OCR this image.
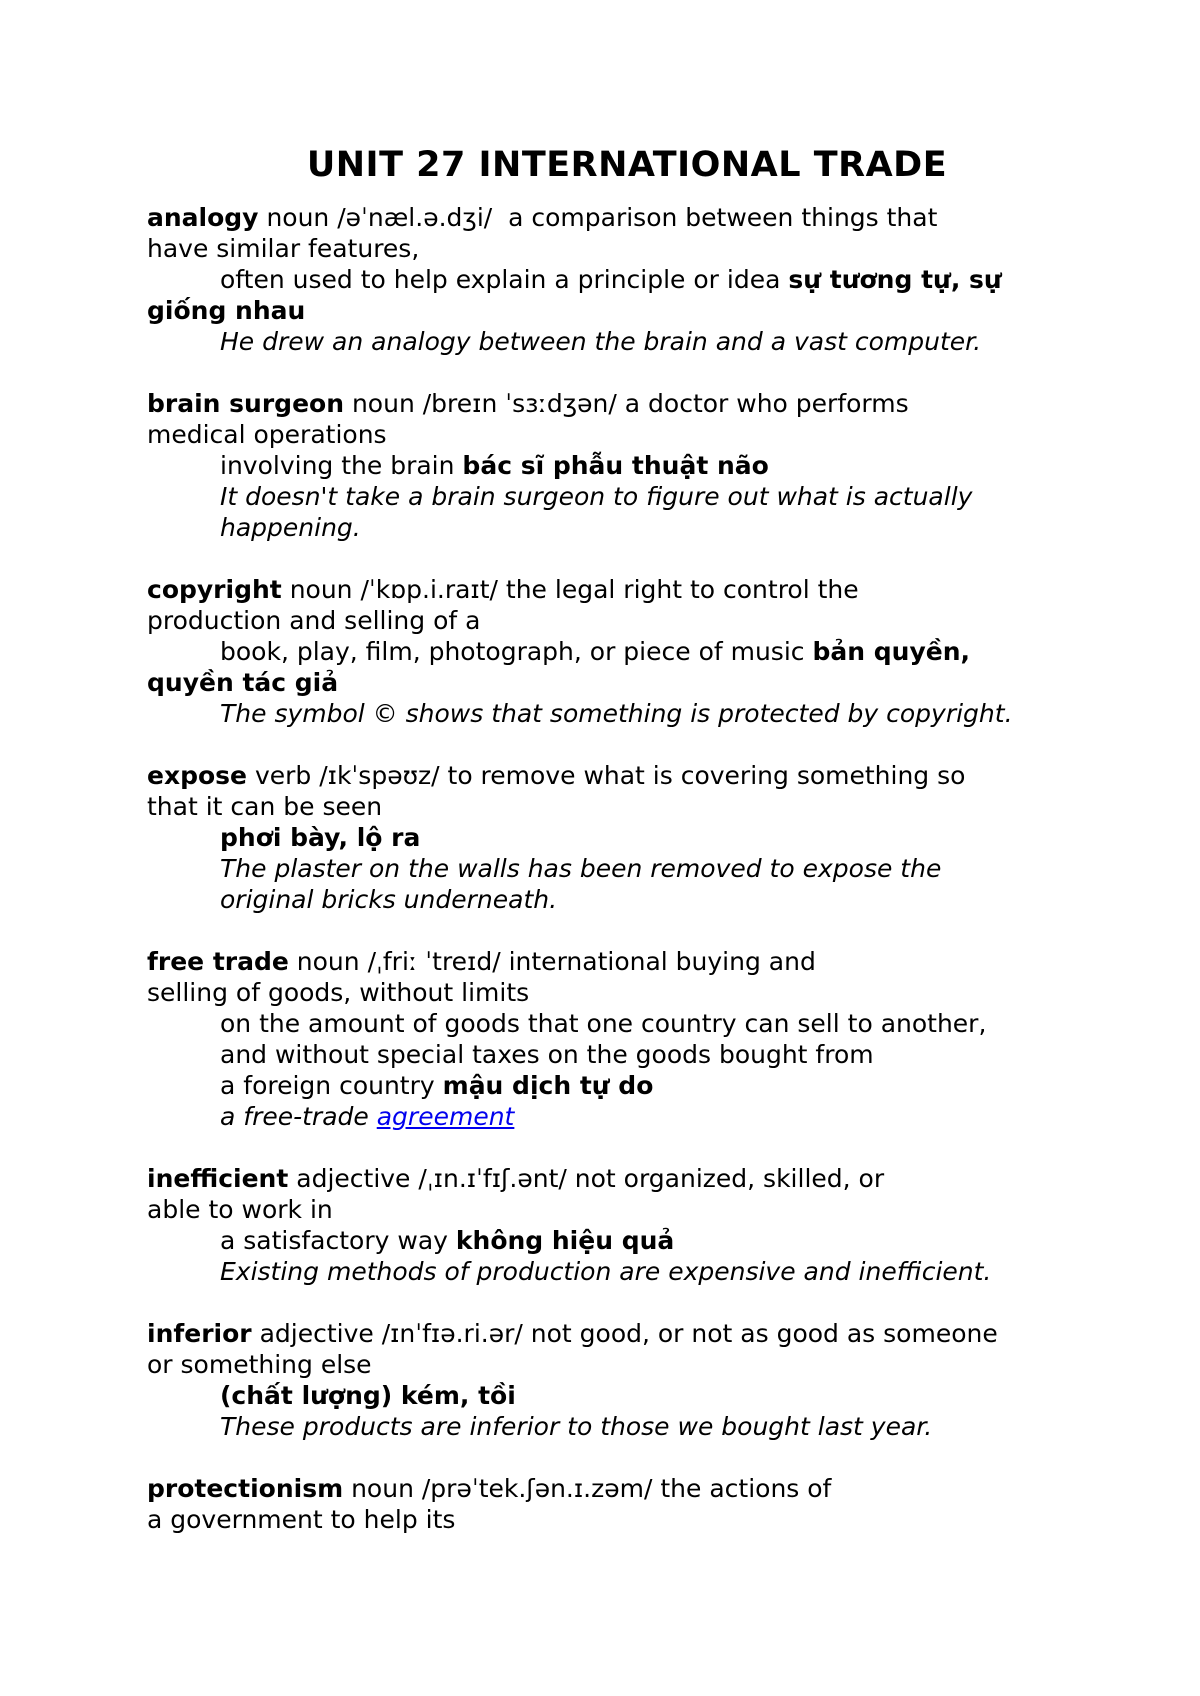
UNIT 27 INTERNATIONAL TRADE
analogy noun /əˈnæl.ə.dʒi/ a comparison between things that
have similar features,
often used to help explain a principle or idea sự tương tự, sự
giống nhau
He drew an analogy between the brain and a vast computer.
brain surgeon noun /breɪn ˈsɜːdʒən/ a doctor who performs
medical operations
involving the brain bác sĩ phẫu thuật não
It doesn't take a brain surgeon to figure out what is actually
happening.
copyright noun /ˈkɒp.i.raɪt/ the legal right to control the
production and selling of a
book, play, film, photograph, or piece of music bản quyền,
quyền tác giả
The symbol © shows that something is protected by copyright.
expose verb /ɪkˈspəʊz/ to remove what is covering something so
that it can be seen
phơi bày, lộ ra
The plaster on the walls has been removed to expose the
original bricks underneath.
free trade noun /ˌfriː ˈtreɪd/ international buying and
selling of goods, without limits
on the amount of goods that one country can sell to another,
and without special taxes on the goods bought from
a foreign country mậu dịch tự do
a free-trade agreement
inefficient adjective /ˌɪn.ɪˈfɪʃ.ənt/ not organized, skilled, or
able to work in
a satisfactory way không hiệu quả
Existing methods of production are expensive and inefficient.
inferior adjective /ɪnˈfɪə.ri.ər/ not good, or not as good as someone
or something else
(chất lượng) kém, tồi
These products are inferior to those we bought last year.
protectionism noun /prəˈtek.ʃən.ɪ.zəm/ the actions of
a government to help its
